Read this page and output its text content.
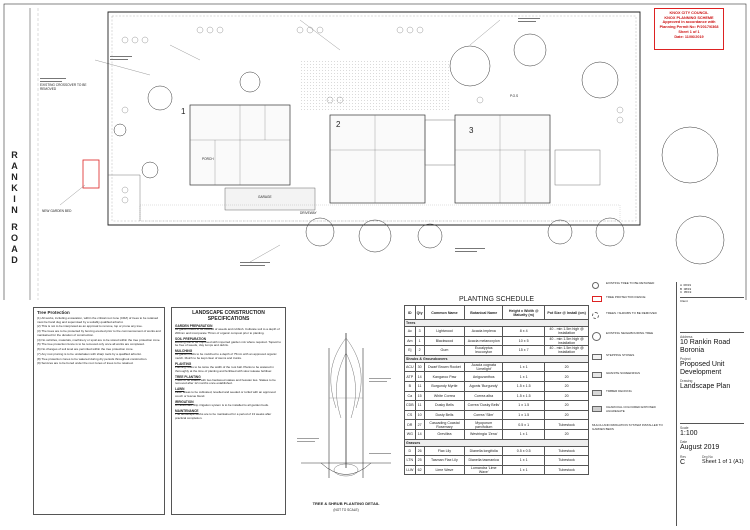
KNOX CITY COUNCIL
KNOX PLANNING SCHEME
Approved in accordance with
Planning Permit No: P/2017/6368
Sheet 1 of 1
Date: 11/06/2019
R
A
N
K
I
N
R
O
A
D
1
2
3
EXISTING CROSSOVER TO BE REMOVED
NEW GARDEN BED
PORCH
GARAGE
DRIVEWAY
P.O.S
Tree Protection

(1) All works, including excavation, within the critical root zone (CRZ) of trees to be retained must be hand dug and supervised by a suitably qualified arborist.

(2) This is not to be interpreted as an approval to remove, lop or prune any tree.

(3) The trees are to be protected by fencing erected prior to the commencement of works and maintained for the duration of construction.

(4) No vehicles, materials, machinery or spoil are to be stored within the tree protection zone.

(5) The tree protection fence is to be removed only once all works are completed.

(6) No changes of soil level are permitted within the tree protection zone.

(7) Any root pruning is to be undertaken with sharp tools by a qualified arborist.

(8) Tree protection zones to be watered during dry periods throughout construction.

(9) Services are to be bored under the root zones of trees to be retained.

LANDSCAPE CONSTRUCTION SPECIFICATIONS
GARDEN PREPARATION

All garden beds to be cleared of weeds and rubbish. Cultivate soil to a depth of 200mm and incorporate 75mm of organic compost prior to planting.

SOIL PREPARATION

Existing soil to be improved with imported garden mix where required. Topsoil to be free of weeds, clay lumps and debris.

MULCHING

All garden beds to be mulched to a depth of 75mm with an approved organic mulch. Mulch to be kept clear of stems and trunks.

PLANTING

Planting holes to be twice the width of the root ball. Plants to be watered in thoroughly at the time of planting and fertilised with slow release fertiliser.

TREE PLANTING

Trees to be staked with two hardwood stakes and hessian ties. Stakes to be removed after 12 months once established.

LAWN

Lawn areas to be cultivated, levelled and seeded or turfed with an approved couch or fescue blend.

IRRIGATION

An automatic drip irrigation system is to be installed to all garden beds.

MAINTENANCE

The landscape works are to be maintained for a period of 13 weeks after practical completion.

TREE & SHRUB PLANTING DETAIL
(NOT TO SCALE)
PLANTING SCHEDULE
ID	Qty	Common Name	Botanical Name	Height x Width @ Maturity (m)	Pot Size @ Install (cm)
Trees					
Ac	3	Lightwood	Acacia implexa	8 x 4	40 - min 1.5m high @ installation
Am	1	Blackwood	Acacia melanoxylon	10 x 5	40 - min 1.5m high @ installation
Ej	2	Gum	Eucalyptus leucoxylon	15 x 7	40 - min 1.5m high @ installation
Shrubs & Groundcovers					
ACU	30	Dwarf Brown Rocket	Acacia cognata 'Limelight'	1 x 1	20
ATP	14	Kangaroo Paw	Anigozanthos	1 x 1	20
B	11	Burgundy Myrtle	Agonis 'Burgundy'	1.5 x 1.5	20
Ca	15	White Correa	Correa alba	1.5 x 1.5	20
CDB	11	Dusky Bells	Correa 'Dusky Bells'	1 x 1.5	20
CS	10	Dusty Bells	Correa 'Slim'	1 x 1.5	20
DR	27	Cascading Coastal Rosemary	Myoporum parvifolium	0.5 x 1	Tubestock
WG	14	Grevillea	Westringia 'Zena'	1 x 1	20
Grasses					
D	26	Flax Lily	Dianella longifolia	0.5 x 0.5	Tubestock
LTN	25	Tasman Flax Lily	Dianella tasmanica	1 x 1	Tubestock
LLW	62	Lime Wave	Lomandra 'Lime Wave'	1 x 1	Tubestock
EXISTING TREE TO BE RETAINED
TREE PROTECTION FENCE
TREES / SHRUBS TO BE REMOVED
EXISTING NEIGHBOURING TREE
STEPPING STONES
GRANITE SCREENINGS
TIMBER DECKING
CHARCOAL COLOURED EXPOSED AGGREGATE
MULCH AND IRRIGATION SYSTEM INSTALLED TO GARDEN BEDS
A 08/19
B 08/19
C 05/19
Client
Address
10 Rankin Road Boronia
Project
Proposed Unit Development
Drawing
Landscape Plan
Scale
1:100
Date
August 2019
Rev
C
Drg No
Sheet 1 of 1 (A1)
